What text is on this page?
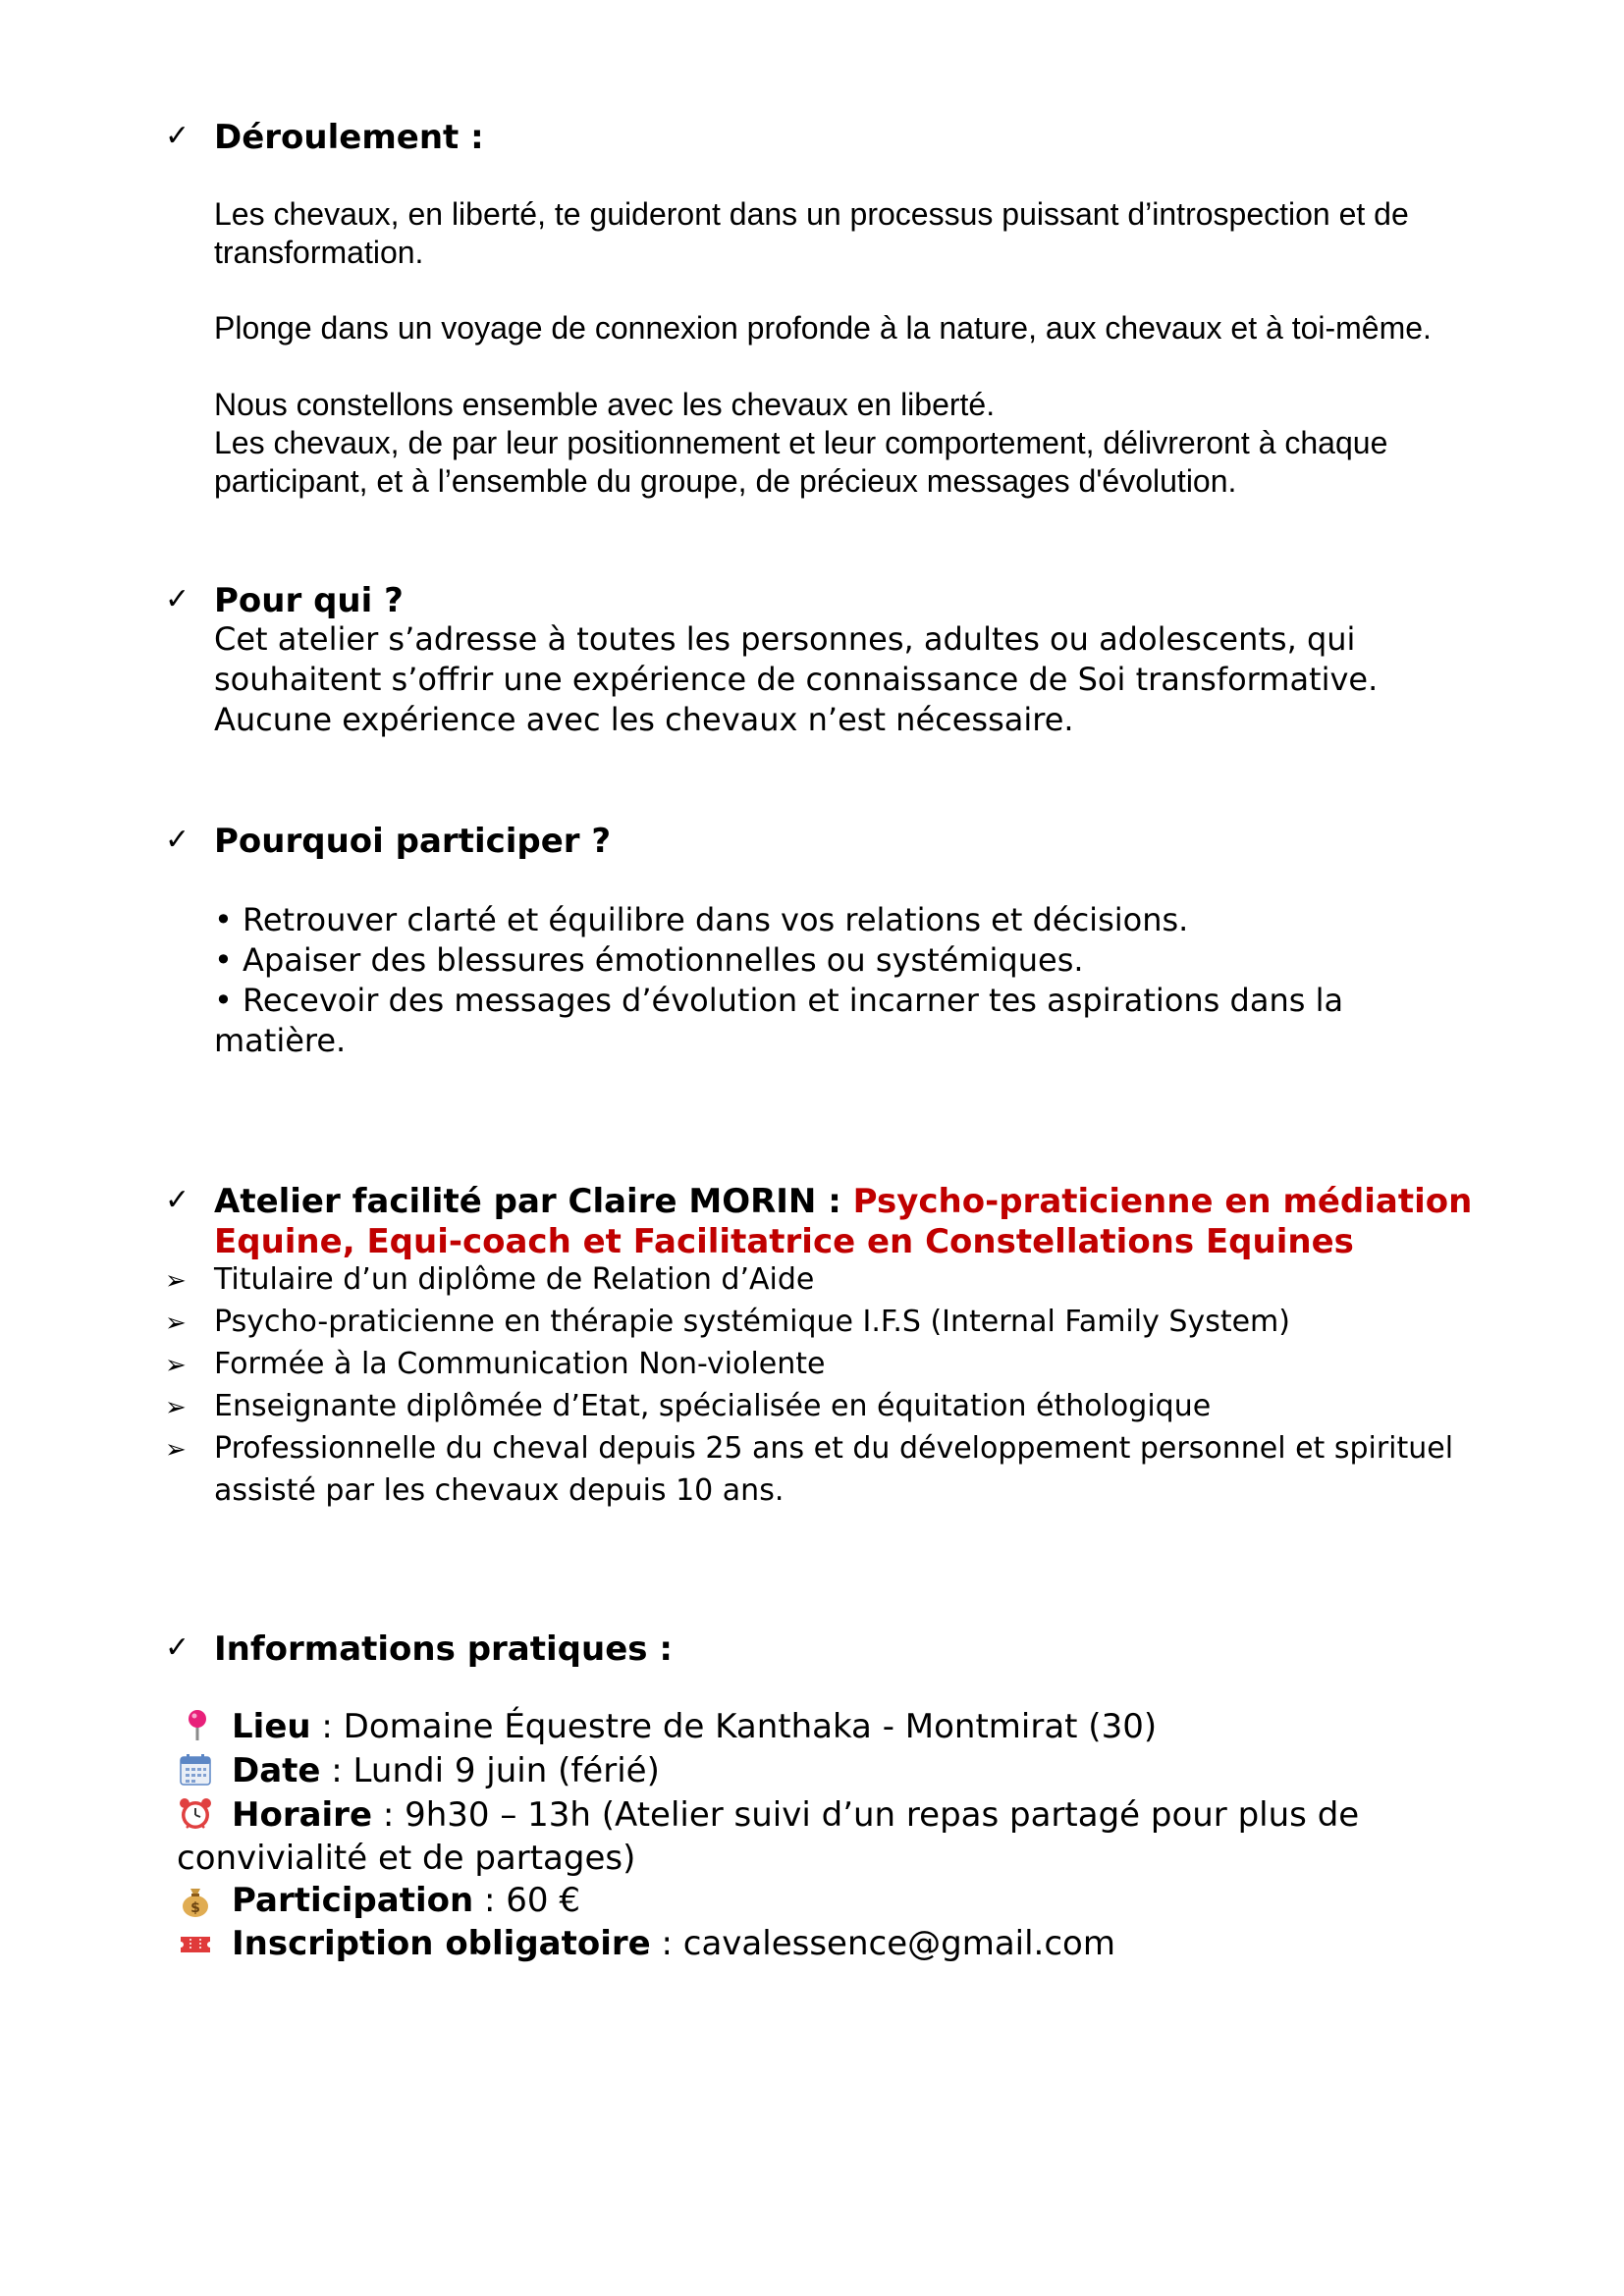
✓ Déroulement :
Les chevaux, en liberté, te guideront dans un processus puissant d’introspection et de
transformation.
Plonge dans un voyage de connexion profonde à la nature, aux chevaux et à toi-même.
Nous constellons ensemble avec les chevaux en liberté.
Les chevaux, de par leur positionnement et leur comportement, délivreront à chaque
participant, et à l’ensemble du groupe, de précieux messages d'évolution.
✓ Pour qui ?
Cet atelier s’adresse à toutes les personnes, adultes ou adolescents, qui
souhaitent s’offrir une expérience de connaissance de Soi transformative.
Aucune expérience avec les chevaux n’est nécessaire.
✓ Pourquoi participer ?
• Retrouver clarté et équilibre dans vos relations et décisions.
• Apaiser des blessures émotionnelles ou systémiques.
• Recevoir des messages d’évolution et incarner tes aspirations dans la
matière.
✓ Atelier facilité par Claire MORIN : Psycho-praticienne en médiation
Equine, Equi-coach et Facilitatrice en Constellations Equines
➢ Titulaire d’un diplôme de Relation d’Aide
➢ Psycho-praticienne en thérapie systémique I.F.S (Internal Family System)
➢ Formée à la Communication Non-violente
➢ Enseignante diplômée d’Etat, spécialisée en équitation éthologique
➢ Professionnelle du cheval depuis 25 ans et du développement personnel et spirituel
assisté par les chevaux depuis 10 ans.
✓ Informations pratiques :
Lieu : Domaine Équestre de Kanthaka - Montmirat (30)
Date : Lundi 9 juin (férié)
Horaire : 9h30 – 13h (Atelier suivi d’un repas partagé pour plus de
convivialité et de partages)
$ Participation : 60 €
Inscription obligatoire : cavalessence@gmail.com
